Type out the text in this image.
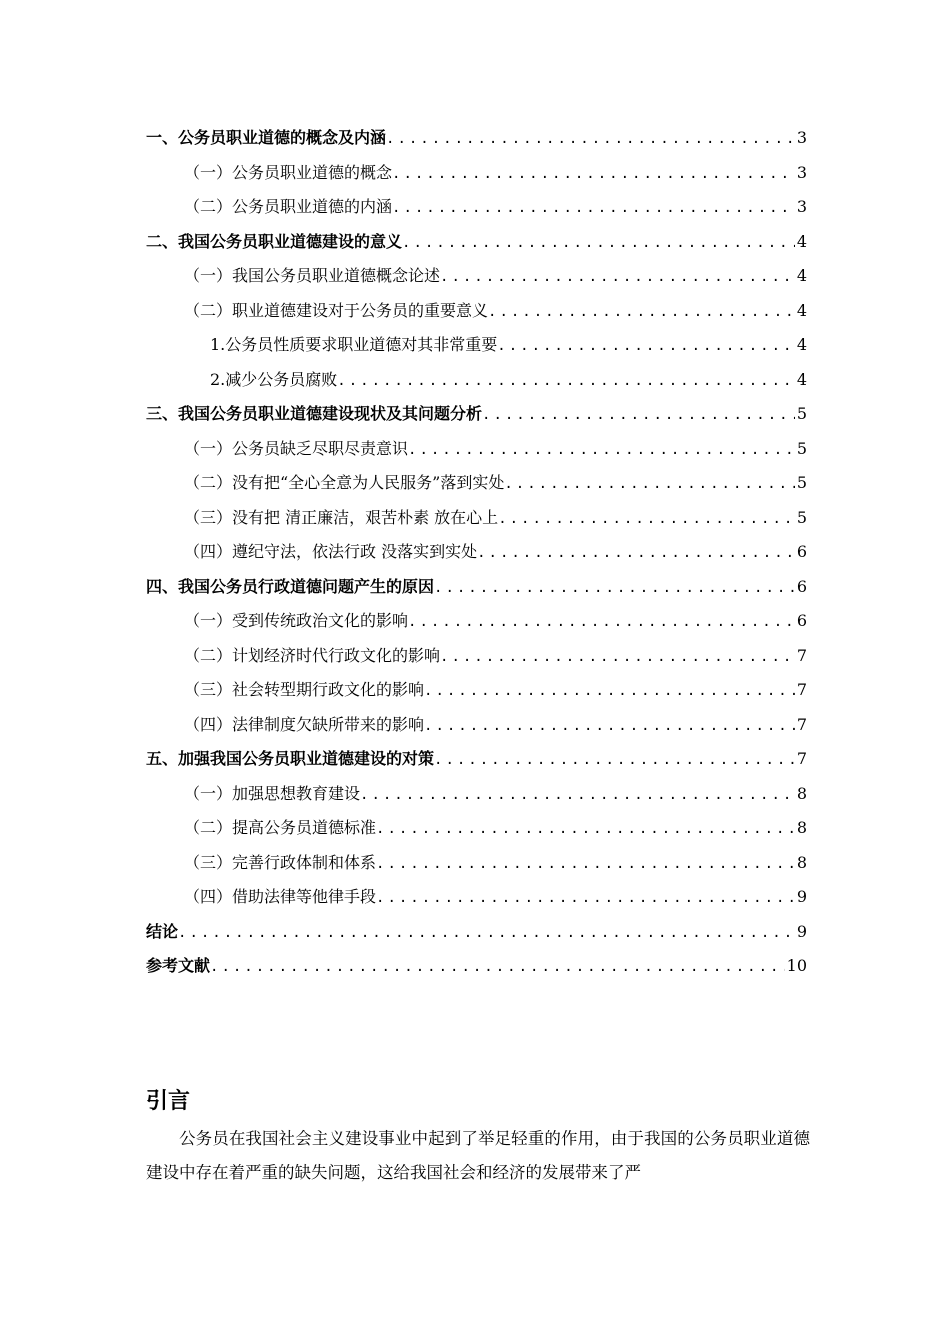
一、公务员职业道德的概念及内涵 .....	3
（一）公务员职业道德的概念 .....	3
（二）公务员职业道德的内涵 .....	3
二、我国公务员职业道德建设的意义 .....	4
（一）我国公务员职业道德概念论述 .....	4
（二）职业道德建设对于公务员的重要意义 .....	4
1.公务员性质要求职业道德对其非常重要 .....	4
2.减少公务员腐败 .....	4
三、我国公务员职业道德建设现状及其问题分析 .....	5
（一）公务员缺乏尽职尽责意识 .....	5
（二）没有把“全心全意为人民服务”落到实处 .....	5
（三）没有把 清正廉洁，艰苦朴素 放在心上 .....	5
（四）遵纪守法，依法行政 没落实到实处 .....	6
四、我国公务员行政道德问题产生的原因 .....	6
（一）受到传统政治文化的影响 .....	6
（二）计划经济时代行政文化的影响 .....	7
（三）社会转型期行政文化的影响 .....	7
（四）法律制度欠缺所带来的影响 .....	7
五、加强我国公务员职业道德建设的对策 .....	7
（一）加强思想教育建设 .....	8
（二）提高公务员道德标准 .....	8
（三）完善行政体制和体系 .....	8
（四）借助法律等他律手段 .....	9
结论 .....	9
参考文献 .....	10
引言

公务员在我国社会主义建设事业中起到了举足轻重的作用，由于我国的公务员职业道德建设中存在着严重的缺失问题，这给我国社会和经济的发展带来了严
